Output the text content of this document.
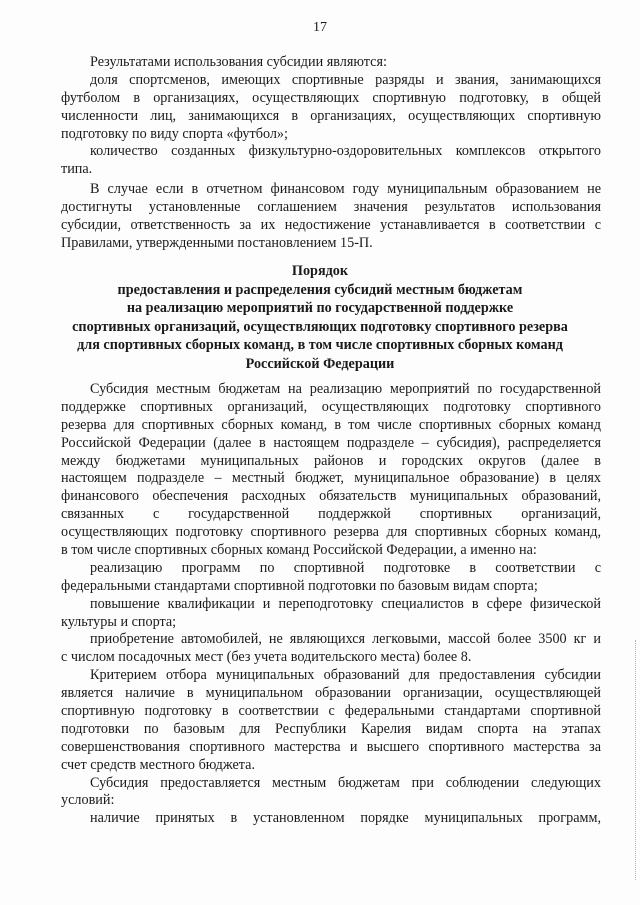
17
Результатами использования субсидии являются:
доля спортсменов, имеющих спортивные разряды и звания, занимающихся
футболом в организациях, осуществляющих спортивную подготовку, в общей
численности лиц, занимающихся в организациях, осуществляющих спортивную
подготовку по виду спорта «футбол»;
количество созданных физкультурно-оздоровительных комплексов открытого
типа.
В случае если в отчетном финансовом году муниципальным образованием не
достигнуты установленные соглашением значения результатов использования
субсидии, ответственность за их недостижение устанавливается в соответствии с
Правилами, утвержденными постановлением 15-П.
Порядок
предоставления и распределения субсидий местным бюджетам
на реализацию мероприятий по государственной поддержке
спортивных организаций, осуществляющих подготовку спортивного резерва
для спортивных сборных команд, в том числе спортивных сборных команд
Российской Федерации
Субсидия местным бюджетам на реализацию мероприятий по государственной
поддержке спортивных организаций, осуществляющих подготовку спортивного
резерва для спортивных сборных команд, в том числе спортивных сборных команд
Российской Федерации (далее в настоящем подразделе – субсидия), распределяется
между бюджетами муниципальных районов и городских округов (далее в
настоящем подразделе – местный бюджет, муниципальное образование) в целях
финансового обеспечения расходных обязательств муниципальных образований,
связанных с государственной поддержкой спортивных организаций,
осуществляющих подготовку спортивного резерва для спортивных сборных команд,
в том числе спортивных сборных команд Российской Федерации, а именно на:
реализацию программ по спортивной подготовке в соответствии с
федеральными стандартами спортивной подготовки по базовым видам спорта;
повышение квалификации и переподготовку специалистов в сфере физической
культуры и спорта;
приобретение автомобилей, не являющихся легковыми, массой более 3500 кг и
с числом посадочных мест (без учета водительского места) более 8.
Критерием отбора муниципальных образований для предоставления субсидии
является наличие в муниципальном образовании организации, осуществляющей
спортивную подготовку в соответствии с федеральными стандартами спортивной
подготовки по базовым для Республики Карелия видам спорта на этапах
совершенствования спортивного мастерства и высшего спортивного мастерства за
счет средств местного бюджета.
Субсидия предоставляется местным бюджетам при соблюдении следующих
условий:
наличие принятых в установленном порядке муниципальных программ,
